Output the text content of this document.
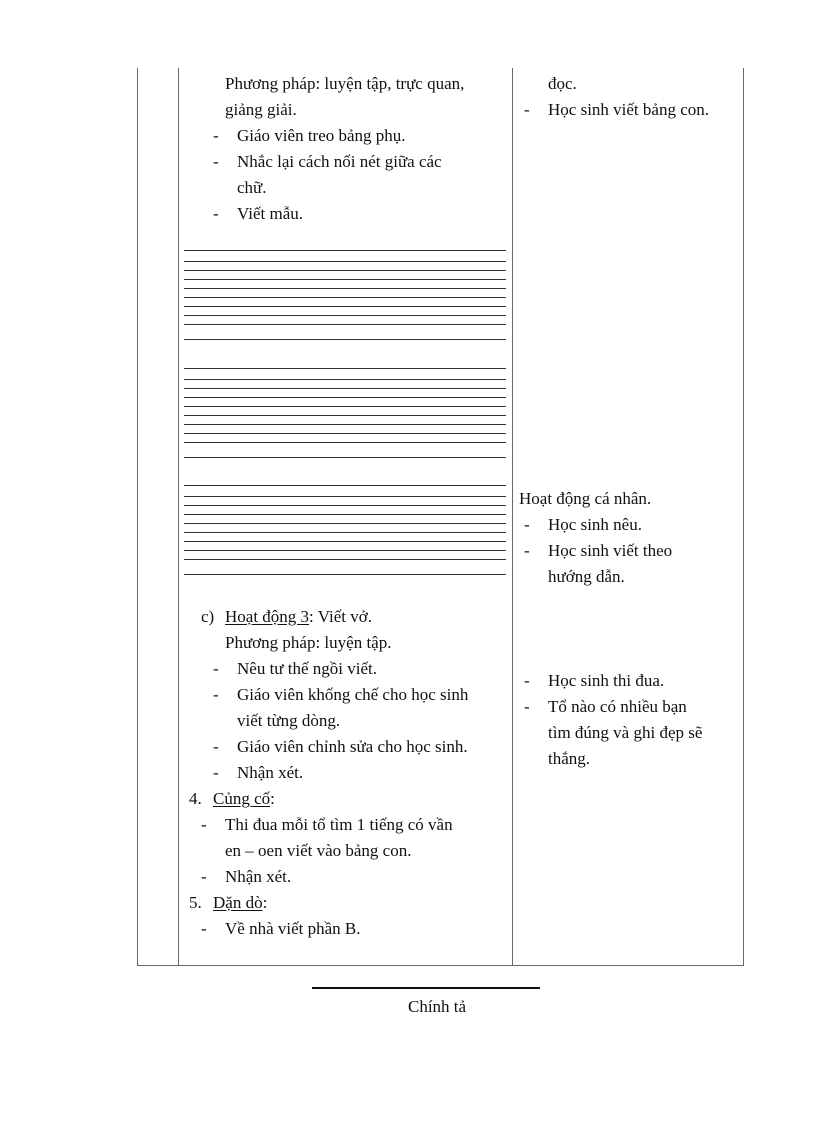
Phương pháp: luyện tập, trực quan,
giảng giải.
- Giáo viên treo bảng phụ.
- Nhắc lại cách nối nét giữa các
chữ.
- Viết mẫu.
c) Hoạt động 3: Viết vở.
Phương pháp: luyện tập.
- Nêu tư thế ngồi viết.
- Giáo viên khống chế cho học sinh
viết từng dòng.
- Giáo viên chỉnh sửa cho học sinh.
- Nhận xét.
4. Củng cố:
- Thi đua mỗi tổ tìm 1 tiếng có vần
en – oen viết vào bảng con.
- Nhận xét.
5. Dặn dò:
- Về nhà viết phần B.
đọc.
- Học sinh viết bảng con.
Hoạt động cá nhân.
- Học sinh nêu.
- Học sinh viết theo
hướng dẫn.
- Học sinh thi đua.
- Tổ nào có nhiều bạn
tìm đúng và ghi đẹp sẽ
thắng.
Chính tả
